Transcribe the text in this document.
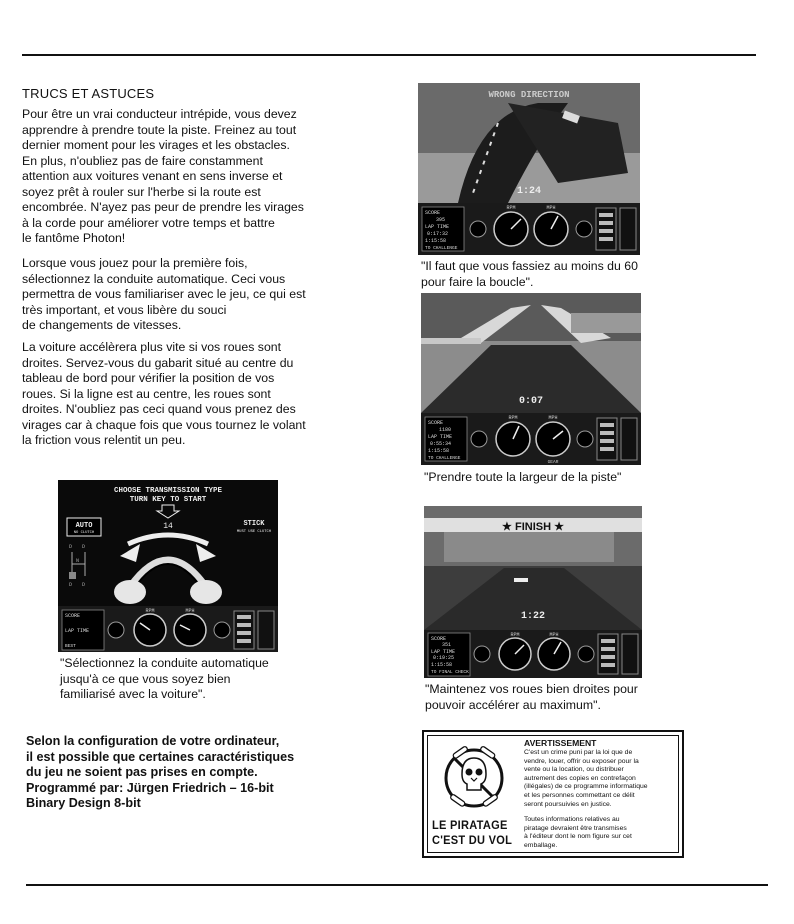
TRUCS ET ASTUCES

Pour être un vrai conducteur intrépide, vous devez
apprendre à prendre toute la piste. Freinez au tout
dernier moment pour les virages et les obstacles.
En plus, n'oubliez pas de faire constamment
attention aux voitures venant en sens inverse et
soyez prêt à rouler sur l'herbe si la route est
encombrée. N'ayez pas peur de prendre les virages
à la corde pour améliorer votre temps et battre
le fantôme Photon!

Lorsque vous jouez pour la première fois,
sélectionnez la conduite automatique. Ceci vous
permettra de vous familiariser avec le jeu, ce qui est
très important, et vous libère du souci
de changements de vitesses.

La voiture accélèrera plus vite si vos roues sont
droites. Servez-vous du gabarit situé au centre du
tableau de bord pour vérifier la position de vos
roues. Si la ligne est au centre, les roues sont
droites. N'oubliez pas ceci quand vous prenez des
virages car à chaque fois que vous tournez le volant
la friction vous relentit un peu.

WRONG DIRECTION
1:24
SCORE
395
LAP TIME
0:17:32
1:15:58
TO CHALLENGE
RPM	MPH
"Il faut que vous fassiez au moins du 60
pour faire la boucle".
0:07
SCORE
1180
LAP TIME
0:55:34
1:15:58
TO CHALLENGE
RPM	MPH
GEAR
"Prendre toute la largeur de la piste"
★ FINISH ★
1:22
SCORE
351
LAP TIME
0:19:25
1:15:58
TO FINAL CHECK
RPM	MPH
"Maintenez vos roues bien droites pour
pouvoir accélérer au maximum".
CHOOSE TRANSMISSION TYPE
TURN KEY TO START
14
AUTO
NO CLUTCH
STICK
MUST USE CLUTCH
D D
N
D D
SCORE
LAP TIME
BEST
RPM	MPH
"Sélectionnez la conduite automatique
jusqu'à ce que vous soyez bien
familiarisé avec la voiture".
Selon la configuration de votre ordinateur,
il est possible que certaines caractéristiques
du jeu ne soient pas prises en compte.
Programmé par: Jürgen Friedrich – 16-bit
Binary Design 8-bit
LE PIRATAGE
C'EST DU VOL
AVERTISSEMENT
C'est un crime puni par la loi que de
vendre, louer, offrir ou exposer pour la
vente ou la location, ou distribuer
autrement des copies en contrefaçon
(illégales) de ce programme informatique
et les personnes commettant ce délit
seront poursuivies en justice.
Toutes informations relatives au
piratage devraient être transmises
à l'éditeur dont le nom figure sur cet
emballage.
